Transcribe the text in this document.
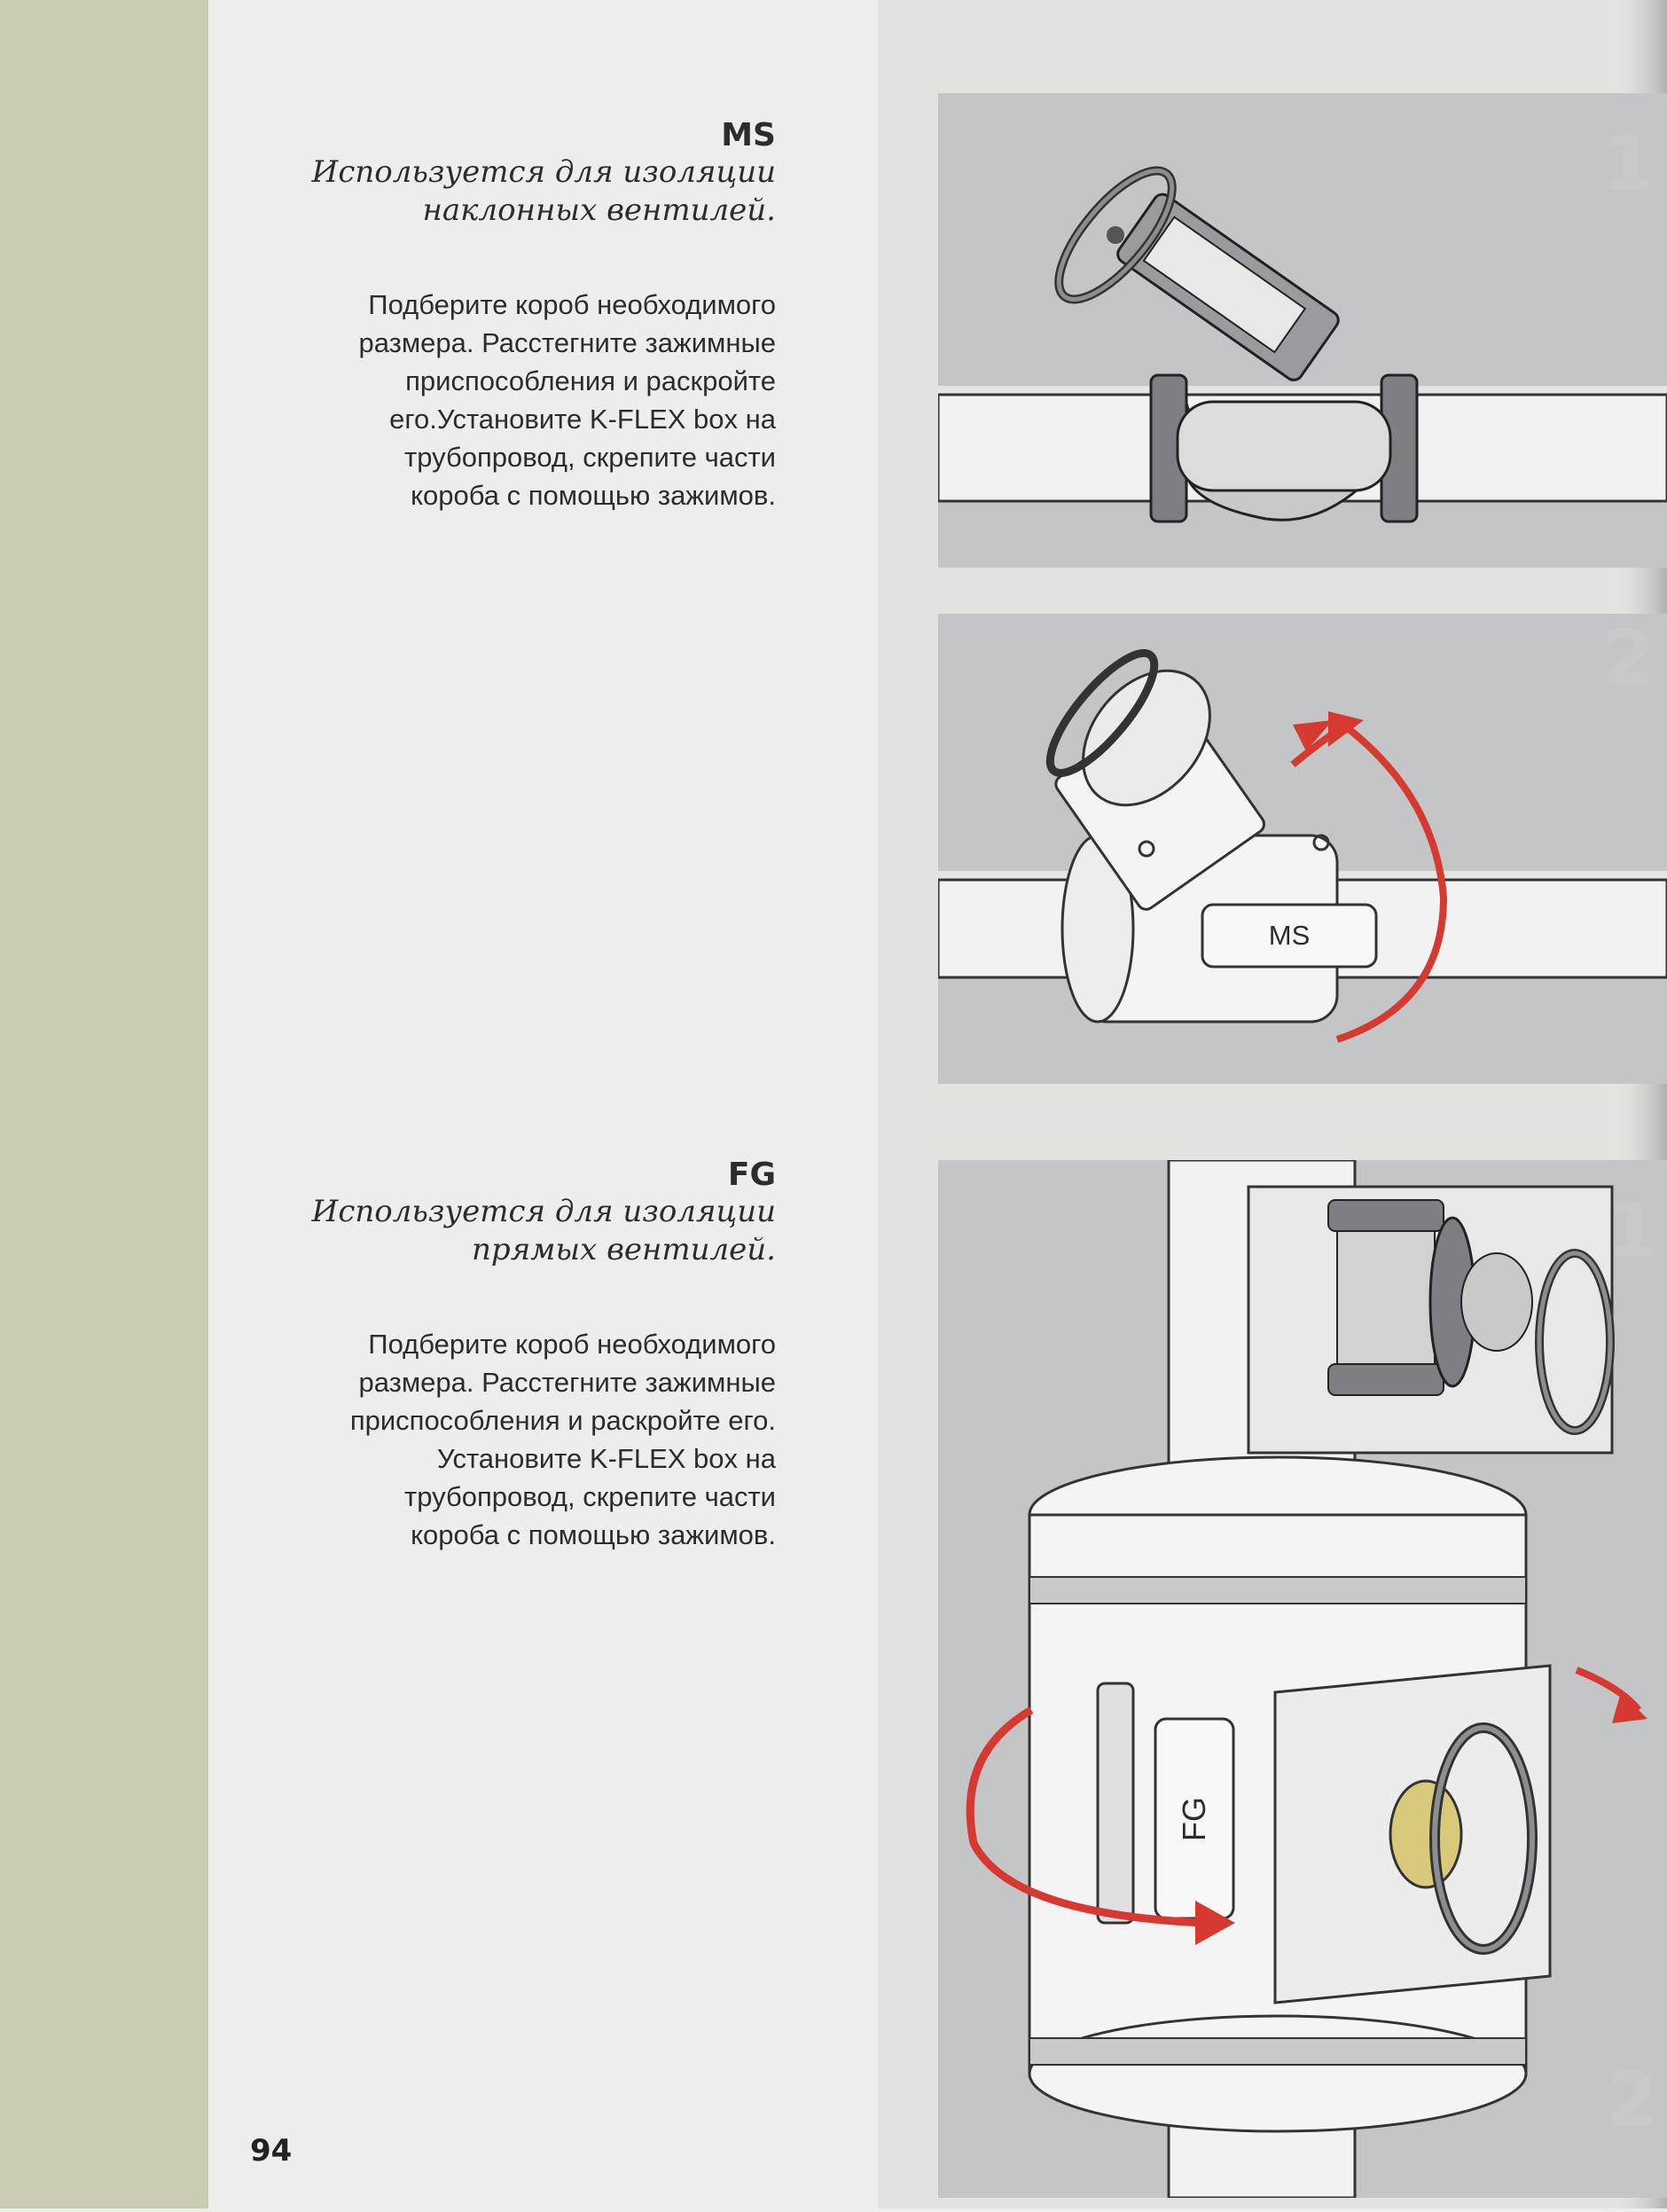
MS
Используется для изоляции
наклонных вентилей.
Подберите короб необходимого
размера. Расстегните зажимные
приспособления и раскройте
его.Установите K-FLEX box на
трубопровод, скрепите части
короба с помощью зажимов.
FG
Используется для изоляции
прямых вентилей.
Подберите короб необходимого
размера. Расстегните зажимные
приспособления и раскройте его.
Установите K-FLEX box на
трубопровод, скрепите части
короба с помощью зажимов.
94
1
MS
2
FG
1
2
